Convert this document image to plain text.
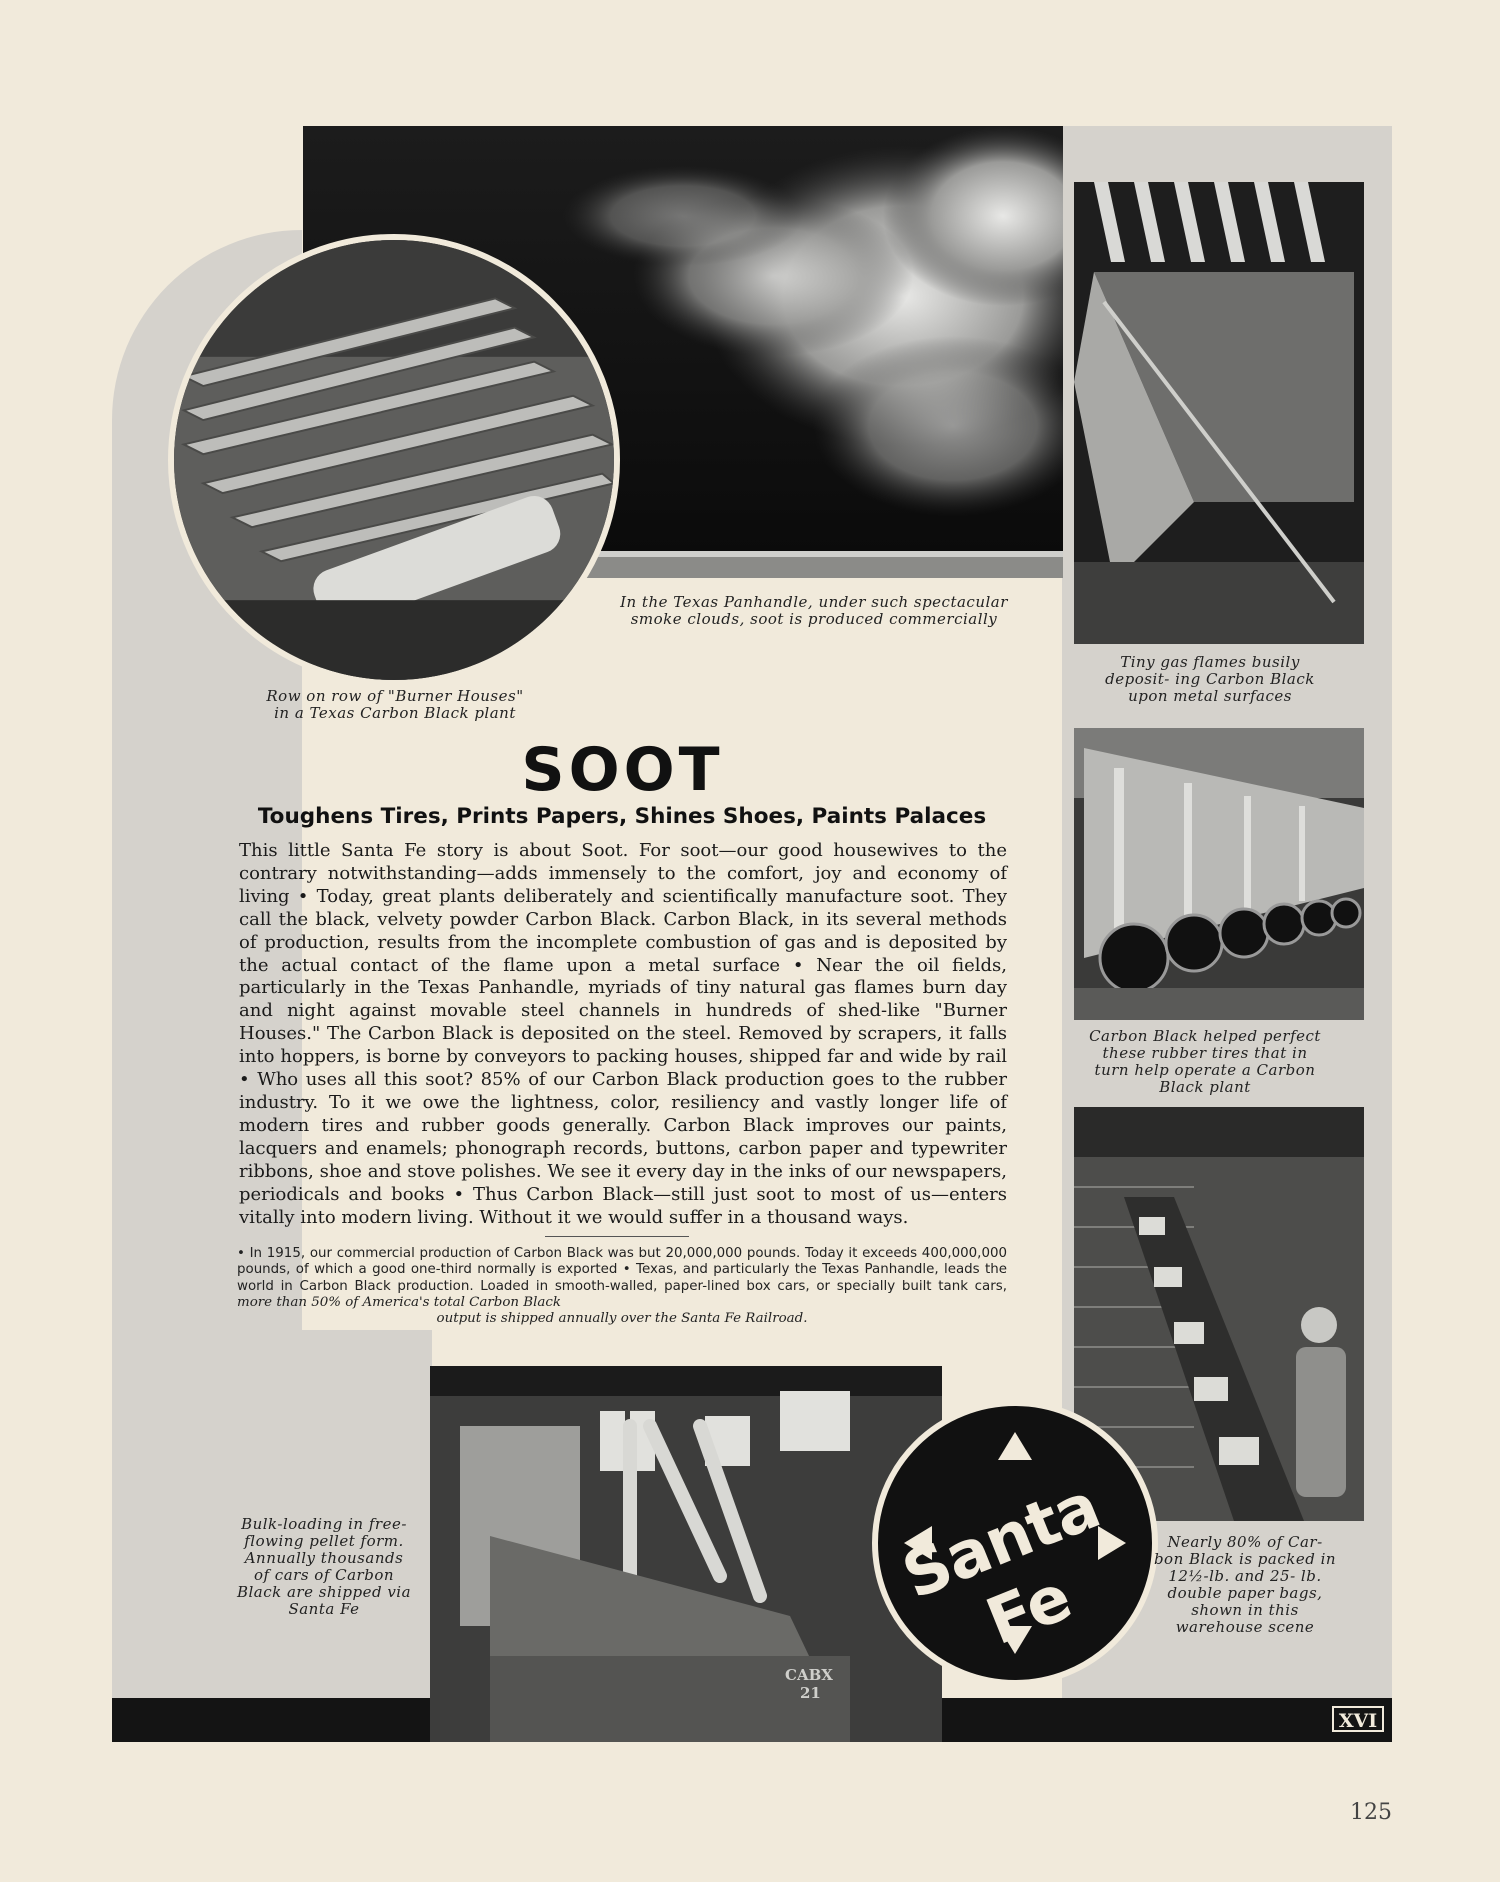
CABX
21
Santa Fe
Row on row of "Burner Houses" in a Texas Carbon Black plant
In the Texas Panhandle, under such spectacular smoke clouds, soot is produced commercially
Tiny gas flames busily deposit- ing Carbon Black upon metal surfaces
Carbon Black helped perfect these rubber tires that in turn help operate a Carbon Black plant
Bulk-loading in free- flowing pellet form. Annually thousands of cars of Carbon Black are shipped via Santa Fe
Nearly 80% of Car- bon Black is packed in 12½-lb. and 25- lb. double paper bags, shown in this warehouse scene
SOOT
Toughens Tires, Prints Papers, Shines Shoes, Paints Palaces
This little Santa Fe story is about Soot. For soot—our good housewives to the contrary notwithstanding—adds immensely to the comfort, joy and economy of living • Today, great plants deliberately and scientifically manufacture soot. They call the black, velvety powder Carbon Black. Carbon Black, in its several methods of production, results from the incomplete combustion of gas and is deposited by the actual contact of the flame upon a metal surface • Near the oil fields, particularly in the Texas Panhandle, myriads of tiny natural gas flames burn day and night against movable steel channels in hundreds of shed-like "Burner Houses." The Carbon Black is deposited on the steel. Removed by scrapers, it falls into hoppers, is borne by conveyors to packing houses, shipped far and wide by rail • Who uses all this soot? 85% of our Carbon Black production goes to the rubber industry. To it we owe the lightness, color, resiliency and vastly longer life of modern tires and rubber goods generally. Carbon Black improves our paints, lacquers and enamels; phonograph records, buttons, carbon paper and typewriter ribbons, shoe and stove polishes. We see it every day in the inks of our newspapers, periodicals and books • Thus Carbon Black—still just soot to most of us—enters vitally into modern living. Without it we would suffer in a thousand ways.
• In 1915, our commercial production of Carbon Black was but 20,000,000 pounds. Today it exceeds 400,000,000 pounds, of which a good one-third normally is exported • Texas, and particularly the Texas Panhandle, leads the world in Carbon Black production. Loaded in smooth-walled, paper-lined box cars, or specially built tank cars, more than 50% of America's total Carbon Black
output is shipped annually over the Santa Fe Railroad.
XVI
125
